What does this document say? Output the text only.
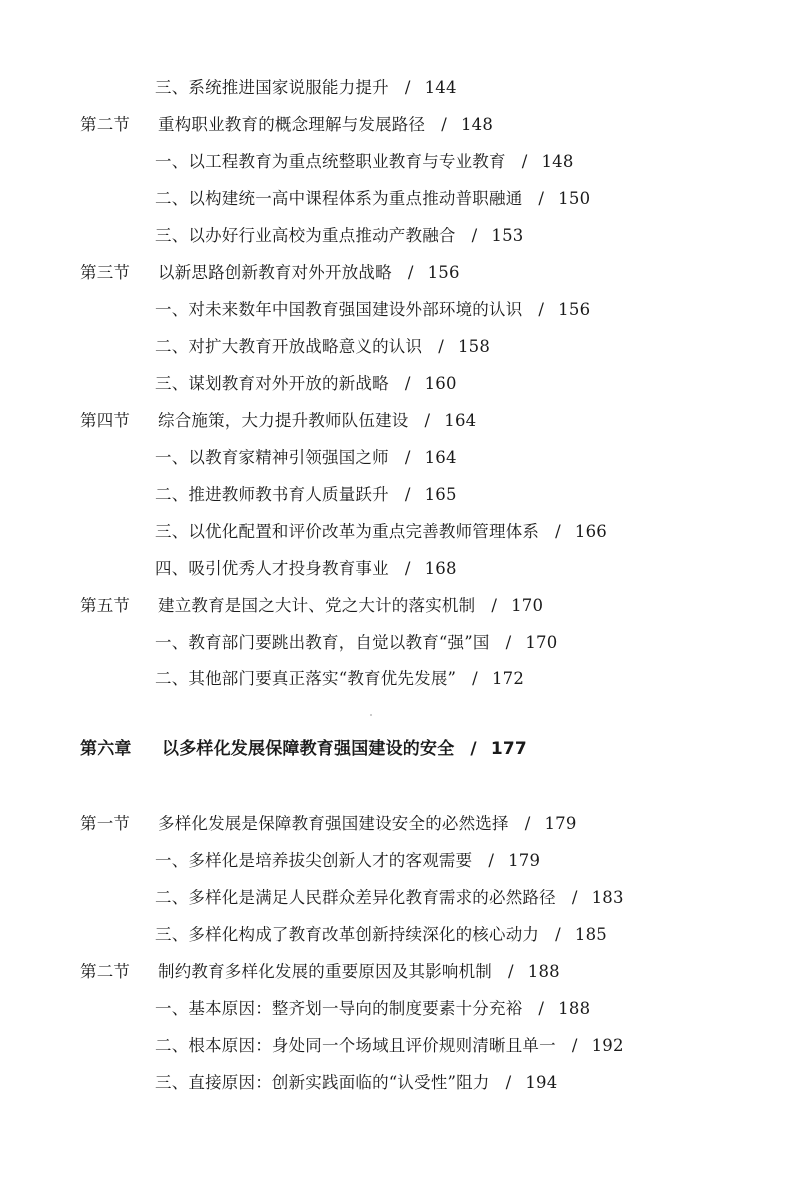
三、系统推进国家说服能力提升 / 144
第二节 重构职业教育的概念理解与发展路径 / 148
一、以工程教育为重点统整职业教育与专业教育 / 148
二、以构建统一高中课程体系为重点推动普职融通 / 150
三、以办好行业高校为重点推动产教融合 / 153
第三节 以新思路创新教育对外开放战略 / 156
一、对未来数年中国教育强国建设外部环境的认识 / 156
二、对扩大教育开放战略意义的认识 / 158
三、谋划教育对外开放的新战略 / 160
第四节 综合施策，大力提升教师队伍建设 / 164
一、以教育家精神引领强国之师 / 164
二、推进教师教书育人质量跃升 / 165
三、以优化配置和评价改革为重点完善教师管理体系 / 166
四、吸引优秀人才投身教育事业 / 168
第五节 建立教育是国之大计、党之大计的落实机制 / 170
一、教育部门要跳出教育，自觉以教育“强”国 / 170
二、其他部门要真正落实“教育优先发展” / 172
第六章 以多样化发展保障教育强国建设的安全 / 177
第一节 多样化发展是保障教育强国建设安全的必然选择 / 179
一、多样化是培养拔尖创新人才的客观需要 / 179
二、多样化是满足人民群众差异化教育需求的必然路径 / 183
三、多样化构成了教育改革创新持续深化的核心动力 / 185
第二节 制约教育多样化发展的重要原因及其影响机制 / 188
一、基本原因：整齐划一导向的制度要素十分充裕 / 188
二、根本原因：身处同一个场域且评价规则清晰且单一 / 192
三、直接原因：创新实践面临的“认受性”阻力 / 194
